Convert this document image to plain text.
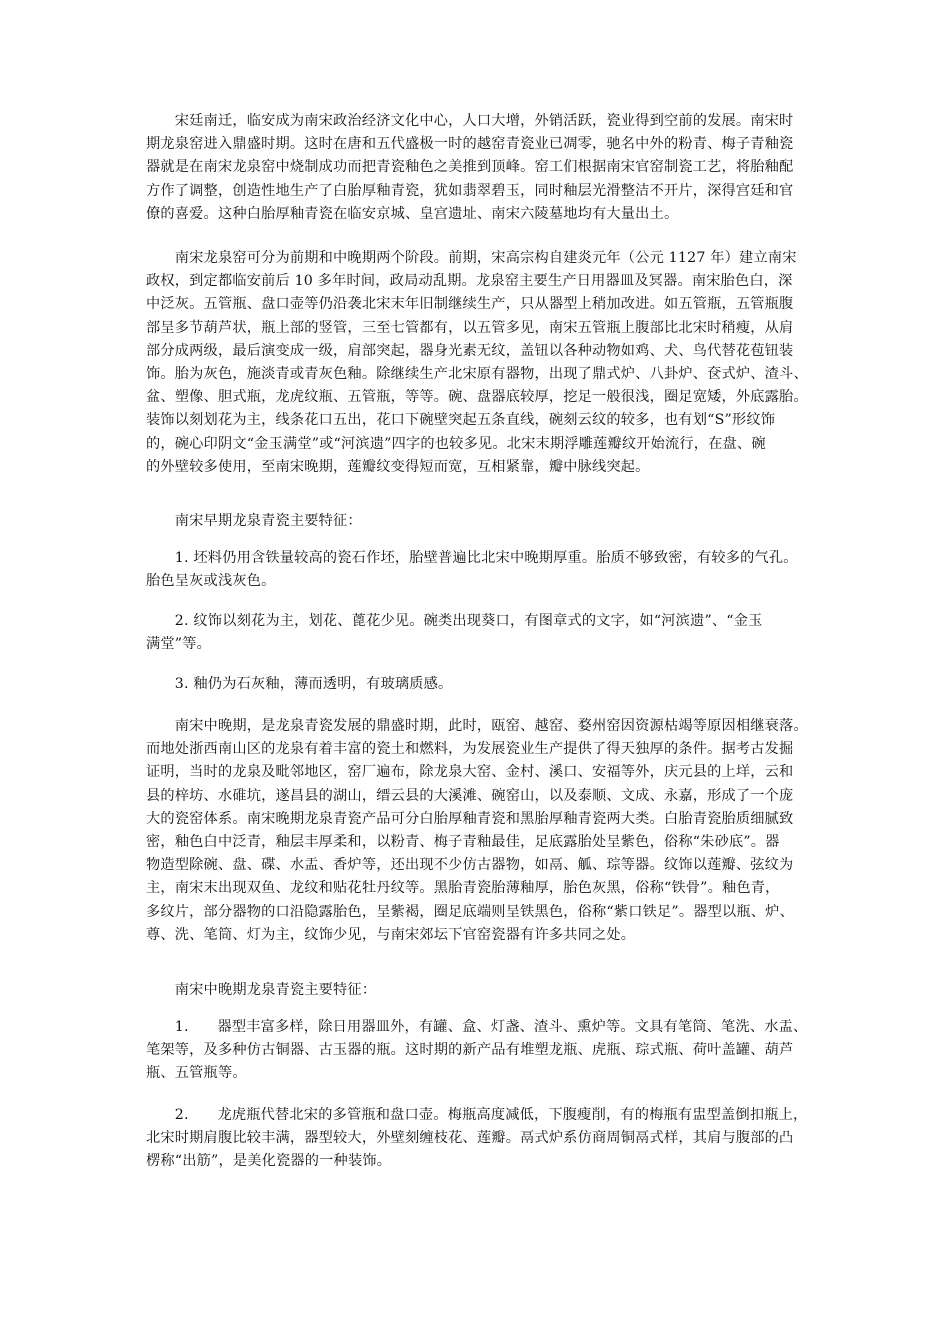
　　宋廷南迁，临安成为南宋政治经济文化中心，人口大增，外销活跃，瓷业得到空前的发展。南宋时
期龙泉窑进入鼎盛时期。这时在唐和五代盛极一时的越窑青瓷业已凋零，驰名中外的粉青、梅子青釉瓷
器就是在南宋龙泉窑中烧制成功而把青瓷釉色之美推到顶峰。窑工们根据南宋官窑制瓷工艺，将胎釉配
方作了调整，创造性地生产了白胎厚釉青瓷，犹如翡翠碧玉，同时釉层光滑整洁不开片，深得宫廷和官
僚的喜爱。这种白胎厚釉青瓷在临安京城、皇宫遗址、南宋六陵墓地均有大量出土。

　　南宋龙泉窑可分为前期和中晚期两个阶段。前期，宋高宗构自建炎元年（公元 1127 年）建立南宋
政权，到定都临安前后 10 多年时间，政局动乱期。龙泉窑主要生产日用器皿及冥器。南宋胎色白，深
中泛灰。五管瓶、盘口壶等仍沿袭北宋末年旧制继续生产，只从器型上稍加改进。如五管瓶，五管瓶腹
部呈多节葫芦状，瓶上部的竖管，三至七管都有，以五管多见，南宋五管瓶上腹部比北宋时稍瘦，从肩
部分成两级，最后演变成一级，肩部突起，器身光素无纹，盖钮以各种动物如鸡、犬、鸟代替花苞钮装
饰。胎为灰色，施淡青或青灰色釉。除继续生产北宋原有器物，出现了鼎式炉、八卦炉、奁式炉、渣斗、
盆、塑像、胆式瓶，龙虎纹瓶、五管瓶，等等。碗、盘器底较厚，挖足一般很浅，圈足宽矮，外底露胎。
装饰以刻划花为主，线条花口五出，花口下碗壁突起五条直线，碗刻云纹的较多，也有划“S”形纹饰
的，碗心印阴文“金玉满堂”或“河滨遗”四字的也较多见。北宋末期浮雕莲瓣纹开始流行，在盘、碗
的外壁较多使用，至南宋晚期，莲瓣纹变得短而宽，互相紧靠，瓣中脉线突起。

　　南宋早期龙泉青瓷主要特征：

　　1. 坯料仍用含铁量较高的瓷石作坯，胎壁普遍比北宋中晚期厚重。胎质不够致密，有较多的气孔。
胎色呈灰或浅灰色。

　　2. 纹饰以刻花为主，划花、蓖花少见。碗类出现葵口，有图章式的文字，如“河滨遗”、“金玉
满堂”等。

　　3. 釉仍为石灰釉，薄而透明，有玻璃质感。

　　南宋中晚期，是龙泉青瓷发展的鼎盛时期，此时，瓯窑、越窑、婺州窑因资源枯竭等原因相继衰落。
而地处浙西南山区的龙泉有着丰富的瓷土和燃料，为发展瓷业生产提供了得天独厚的条件。据考古发掘
证明，当时的龙泉及毗邻地区，窑厂遍布，除龙泉大窑、金村、溪口、安福等外，庆元县的上垟，云和
县的梓坊、水碓坑，遂昌县的湖山，缙云县的大溪滩、碗窑山，以及泰顺、文成、永嘉，形成了一个庞
大的瓷窑体系。南宋晚期龙泉青瓷产品可分白胎厚釉青瓷和黑胎厚釉青瓷两大类。白胎青瓷胎质细腻致
密，釉色白中泛青，釉层丰厚柔和，以粉青、梅子青釉最佳，足底露胎处呈紫色，俗称“朱砂底”。器
物造型除碗、盘、碟、水盂、香炉等，还出现不少仿古器物，如鬲、觚、琮等器。纹饰以莲瓣、弦纹为
主，南宋末出现双鱼、龙纹和贴花牡丹纹等。黑胎青瓷胎薄釉厚，胎色灰黑，俗称“铁骨”。釉色青，
多纹片，部分器物的口沿隐露胎色，呈紫褐，圈足底端则呈铁黑色，俗称“紫口铁足”。器型以瓶、炉、
尊、洗、笔筒、灯为主，纹饰少见，与南宋郊坛下官窑瓷器有许多共同之处。

　　南宋中晚期龙泉青瓷主要特征：

　　1.　　器型丰富多样，除日用器皿外，有罐、盒、灯盏、渣斗、熏炉等。文具有笔筒、笔洗、水盂、
笔架等，及多种仿古铜器、古玉器的瓶。这时期的新产品有堆塑龙瓶、虎瓶、琮式瓶、荷叶盖罐、葫芦
瓶、五管瓶等。

　　2.　　龙虎瓶代替北宋的多管瓶和盘口壶。梅瓶高度减低，下腹瘦削，有的梅瓶有盅型盖倒扣瓶上，
北宋时期肩腹比较丰满，器型较大，外壁刻缠枝花、莲瓣。鬲式炉系仿商周铜鬲式样，其肩与腹部的凸
楞称“出筋”，是美化瓷器的一种装饰。
